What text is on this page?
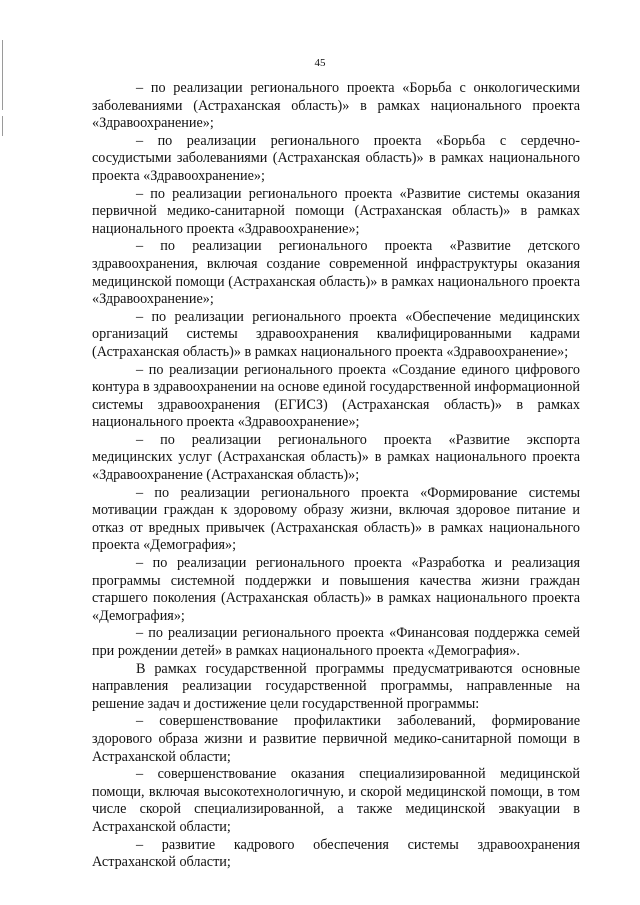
45

– по реализации регионального проекта «Борьба с онкологическими заболеваниями (Астраханская область)» в рамках национального проекта «Здравоохранение»;

– по реализации регионального проекта «Борьба с сердечно-сосудистыми заболеваниями (Астраханская область)» в рамках национального проекта «Здравоохранение»;

– по реализации регионального проекта «Развитие системы оказания первичной медико-санитарной помощи (Астраханская область)» в рамках национального проекта «Здравоохранение»;

– по реализации регионального проекта «Развитие детского здравоохранения, включая создание современной инфраструктуры оказания медицинской помощи (Астраханская область)» в рамках национального проекта «Здравоохранение»;

– по реализации регионального проекта «Обеспечение медицинских организаций системы здравоохранения квалифицированными кадрами (Астраханская область)» в рамках национального проекта «Здравоохранение»;

– по реализации регионального проекта «Создание единого цифрового контура в здравоохранении на основе единой государственной информационной системы здравоохранения (ЕГИСЗ) (Астраханская область)» в рамках национального проекта «Здравоохранение»;

– по реализации регионального проекта «Развитие экспорта медицинских услуг (Астраханская область)» в рамках национального проекта «Здравоохранение (Астраханская область)»;

– по реализации регионального проекта «Формирование системы мотивации граждан к здоровому образу жизни, включая здоровое питание и отказ от вредных привычек (Астраханская область)» в рамках национального проекта «Демография»;

– по реализации регионального проекта «Разработка и реализация программы системной поддержки и повышения качества жизни граждан старшего поколения (Астраханская область)» в рамках национального проекта «Демография»;

– по реализации регионального проекта «Финансовая поддержка семей при рождении детей» в рамках национального проекта «Демография».

В рамках государственной программы предусматриваются основные направления реализации государственной программы, направленные на решение задач и достижение цели государственной программы:

– совершенствование профилактики заболеваний, формирование здорового образа жизни и развитие первичной медико-санитарной помощи в Астраханской области;

– совершенствование оказания специализированной медицинской помощи, включая высокотехнологичную, и скорой медицинской помощи, в том числе скорой специализированной, а также медицинской эвакуации в Астраханской области;

– развитие кадрового обеспечения системы здравоохранения Астраханской области;
